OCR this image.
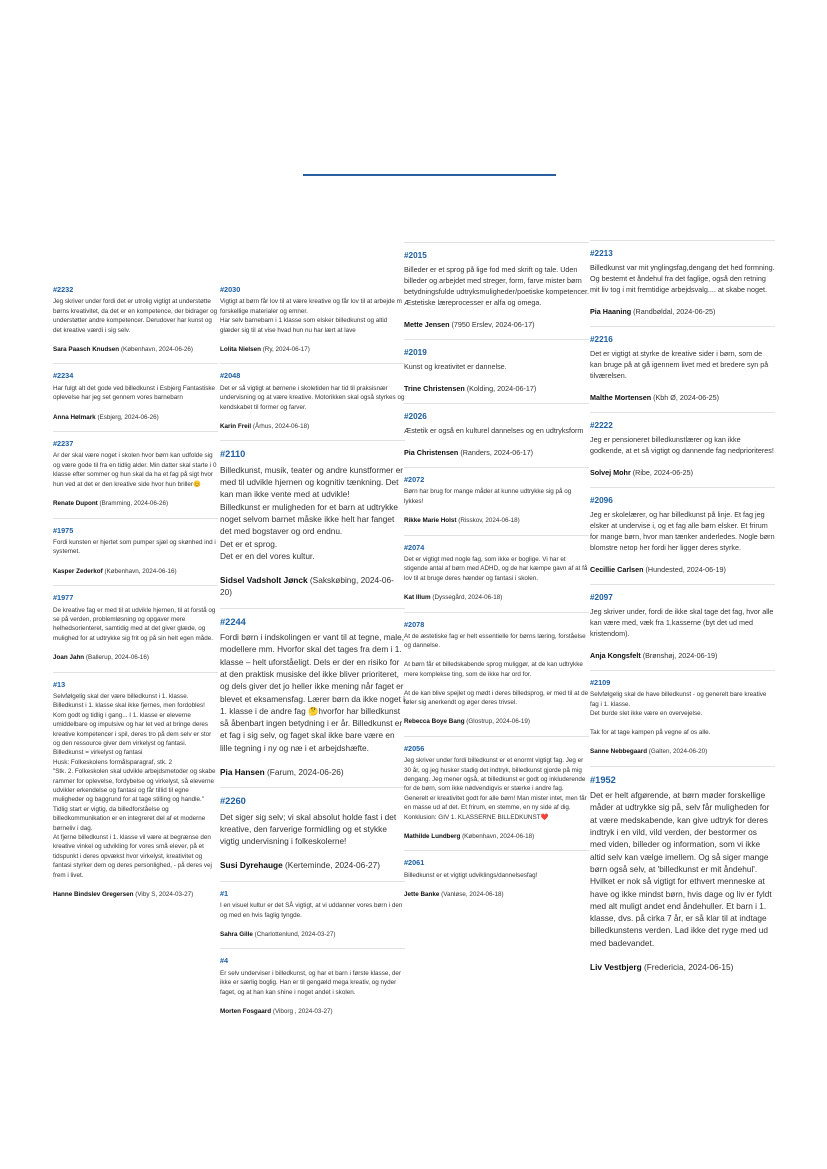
#2232
Jeg skriver under fordi det er utrolig vigtigt at understøtte børns kreativitet, da det er en kompetence, der bidrager og understøtter andre kompetencer. Derudover har kunst og det kreative værdi i sig selv.
Sara Paasch Knudsen (København, 2024-06-26)
#2234
Har fulgt alt det gode ved billedkunst i Esbjerg Fantastiske oplevelse har jeg set gennem vores barnebarn
Anna Hølmark (Esbjerg, 2024-06-26)
#2237
Ar der skal være noget i skolen hvor børn kan udfolde sig og være gode til fra en tidlig alder. Min datter skal starte i 0 klasse efter sommer og hun skal da ha et fag på sigt hvor hun ved at det er den kreative side hvor hun briller😊
Renate Dupont (Bramming, 2024-06-26)
#1975
Fordi kunsten er hjertet som pumper sjæl og skønhed ind i systemet.
Kasper Zederkof (København, 2024-06-16)
#1977
De kreative fag er med til at udvikle hjernen, til at forstå og se på verden, problemløsning og opgaver mere helhedsorienteret, samtidig med at det giver glæde, og mulighed for at udtrykke sig frit og på sin helt egen måde.
Joan Jahn (Ballerup, 2024-06-16)
#13
Selvfølgelig skal der være billedkunst i 1. klasse. Billedkunst i 1. klasse skal ikke fjernes, men fordobles!
Kom godt og tidlig i gang... I 1. klasse er eleverne umiddelbare og impulsive og har let ved at bringe deres kreative kompetencer i spil, deres tro på dem selv er stor og den ressource giver dem virkelyst og fantasi.
Billedkunst = virkelyst og fantasi
Husk: Folkeskolens formålsparagraf, stk. 2
"Stk. 2. Folkeskolen skal udvikle arbejdsmetoder og skabe rammer for oplevelse, fordybelse og virkelyst, så eleverne udvikler erkendelse og fantasi og får tillid til egne muligheder og baggrund for at tage stilling og handle."
Tidlig start er vigtig, da billedforståelse og billedkommunikation er en integreret del af et moderne børneliv i dag.
At fjerne billedkunst i 1. klasse vil være at begrænse den kreative vinkel og udvikling for vores små elever, på et tidspunkt i deres opvækst hvor virkelyst, kreativitet og fantasi styrker dem og deres personlighed, - på deres vej frem i livet.
Hanne Bindslev Gregersen (Viby S, 2024-03-27)
#2030
Vigtigt at børn får lov til at være kreative og får lov til at arbejde m forskellige materialer og emner.
Har selv barnebarn i 1 klasse som elsker billedkunst og altid glæder sig til at vise hvad hun nu har lært at lave
Lolita Nielsen (Ry, 2024-06-17)
#2048
Det er så vigtigt at børnene i skoletiden har tid til praksisnær undervisning og at være kreative. Motorikken skal også styrkes og kendskabet til former og farver.
Karin Freil (Århus, 2024-06-18)
#2110
Billedkunst, musik, teater og andre kunstformer er med til udvikle hjernen og kognitiv tænkning. Det kan man ikke vente med at udvikle!
Billedkunst er muligheden for et barn at udtrykke noget selvom barnet måske ikke helt har fanget det med bogstaver og ord endnu.
Det er et sprog.
Det er en del vores kultur.
Sidsel Vadsholt Jønck (Sakskøbing, 2024-06-20)
#2244
Fordi børn i indskolingen er vant til at tegne, male, modellere mm. Hvorfor skal det tages fra dem i 1. klasse – helt uforståeligt. Dels er der en risiko for at den praktisk musiske del ikke bliver prioriteret, og dels giver det jo heller ikke mening når faget er blevet et eksamensfag. Lærer børn da ikke noget i 1. klasse i de andre fag 🤔hvorfor har billedkunst så åbenbart ingen betydning i er år. Billedkunst er et fag i sig selv, og faget skal ikke bare være en lille tegning i ny og næ i et arbejdshæfte.
Pia Hansen (Farum, 2024-06-26)
#2260
Det siger sig selv; vi skal absolut holde fast i det kreative, den farverige formidling og et stykke vigtig undervisning i folkeskolerne!
Susi Dyrehauge (Kerteminde, 2024-06-27)
#1
I en visuel kultur er det SÅ vigtigt, at vi uddanner vores børn i den og med en hvis faglig tyngde.
Sahra Gille (Charlottenlund, 2024-03-27)
#4
Er selv underviser i billedkunst, og har et barn i første klasse, der ikke er særlig boglig. Han er til gengæld mega kreativ, og nyder faget, og at han kan shine i noget andet i skolen.
Morten Fosgaard (Viborg , 2024-03-27)
#2015
Billeder er et sprog på lige fod med skrift og tale. Uden billeder og arbejdet med streger, form, farve mister børn betydningsfulde udtryksmuligheder/poetiske kompetencer. Æstetiske læreprocesser er alfa og omega.
Mette Jensen (7950 Erslev, 2024-06-17)
#2019
Kunst og kreativitet er dannelse.
Trine Christensen (Kolding, 2024-06-17)
#2026
Æstetik er også en kulturel dannelses og en udtryksform
Pia Christensen (Randers, 2024-06-17)
#2072
Børn har brug for mange måder at kunne udtrykke sig på og lykkes!
Rikke Marie Holst (Risskov, 2024-06-18)
#2074
Det er vigtigt med nogle fag, som ikke er boglige. Vi har et stigende antal af børn med ADHD, og de har kæmpe gavn af at få lov til at bruge deres hænder og fantasi i skolen.
Kat Illum (Dyssegård, 2024-06-18)
#2078
At de æstetiske fag er helt essentielle for børns læring, forståelse og dannelse.

At børn får et billedskabende sprog muliggør, at de kan udtrykke mere komplekse ting, som de ikke har ord for.

At de kan blive spejlet og mødt i deres billedsprog, er med til at de føler sig anerkendt og øger deres trivsel.
Rebecca Boye Bang (Glostrup, 2024-06-19)
#2056
Jeg skriver under fordi billedkunst er et enormt vigtigt fag. Jeg er 30 år, og jeg husker stadig det indtryk, billedkunst gjorde på mig dengang. Jeg mener også, at billedkunst er godt og inkluderende for de børn, som ikke nødvendigvis er stærke i andre fag. Generelt er kreativitet godt for alle børn! Man mister intet, men får en masse ud af det. Et frirum, en stemme, en ny side af dig. Konklusion: GIV 1. KLASSERNE BILLEDKUNST❤️
Mathilde Lundberg (København, 2024-06-18)
#2061
Billedkunst er et vigtigt udviklings/dannelsesfag!
Jette Banke (Vanløse, 2024-06-18)
#2213
Billedkunst var mit ynglingsfag,dengang det hed formning. Og bestemt et åndehul fra det faglige, også den retning mit liv tog i mit fremtidige arbejdsvalg.... at skabe noget.
Pia Haaning (Randbøldal, 2024-06-25)
#2216
Det er vigtigt at styrke de kreative sider i børn, som de kan bruge på at gå igennem livet med et bredere syn på tilværelsen.
Malthe Mortensen (Kbh Ø, 2024-06-25)
#2222
Jeg er pensioneret billedkunstlærer og kan ikke godkende, at et så vigtigt og dannende fag nedprioriteres!
Solvej Mohr (Ribe, 2024-06-25)
#2096
Jeg er skolelærer, og har billedkunst på linje. Et fag jeg elsker at undervise i, og et fag alle børn elsker. Et frirum for mange børn, hvor man tænker anderledes. Nogle børn blomstre netop her fordi her ligger deres styrke.
Cecillie Carlsen (Hundested, 2024-06-19)
#2097
Jeg skriver under, fordi de ikke skal tage det fag, hvor alle kan være med, væk fra 1.kasserne (byt det ud med kristendom).
Anja Kongsfelt (Brønshøj, 2024-06-19)
#2109
Selvfølgelig skal de have billedkunst - og generelt bare kreative fag i 1. klasse.
Det burde slet ikke være en overvejelse.

Tak for at tage kampen på vegne af os alle.
Sanne Nebbegaard (Galten, 2024-06-20)
#1952
Det er helt afgørende, at børn møder forskellige måder at udtrykke sig på, selv får muligheden for at være medskabende, kan give udtryk for deres indtryk i en vild, vild verden, der bestormer os med viden, billeder og information, som vi ikke altid selv kan vælge imellem. Og så siger mange børn også selv, at 'billedkunst er mit åndehul'. Hvilket er nok så vigtigt for ethvert menneske at have og ikke mindst børn, hvis dage og liv er fyldt med alt muligt andet end åndehuller. Et barn i 1. klasse, dvs. på cirka 7 år, er så klar til at indtage billedkunstens verden. Lad ikke det ryge med ud med badevandet.
Liv Vestbjerg (Fredericia, 2024-06-15)
